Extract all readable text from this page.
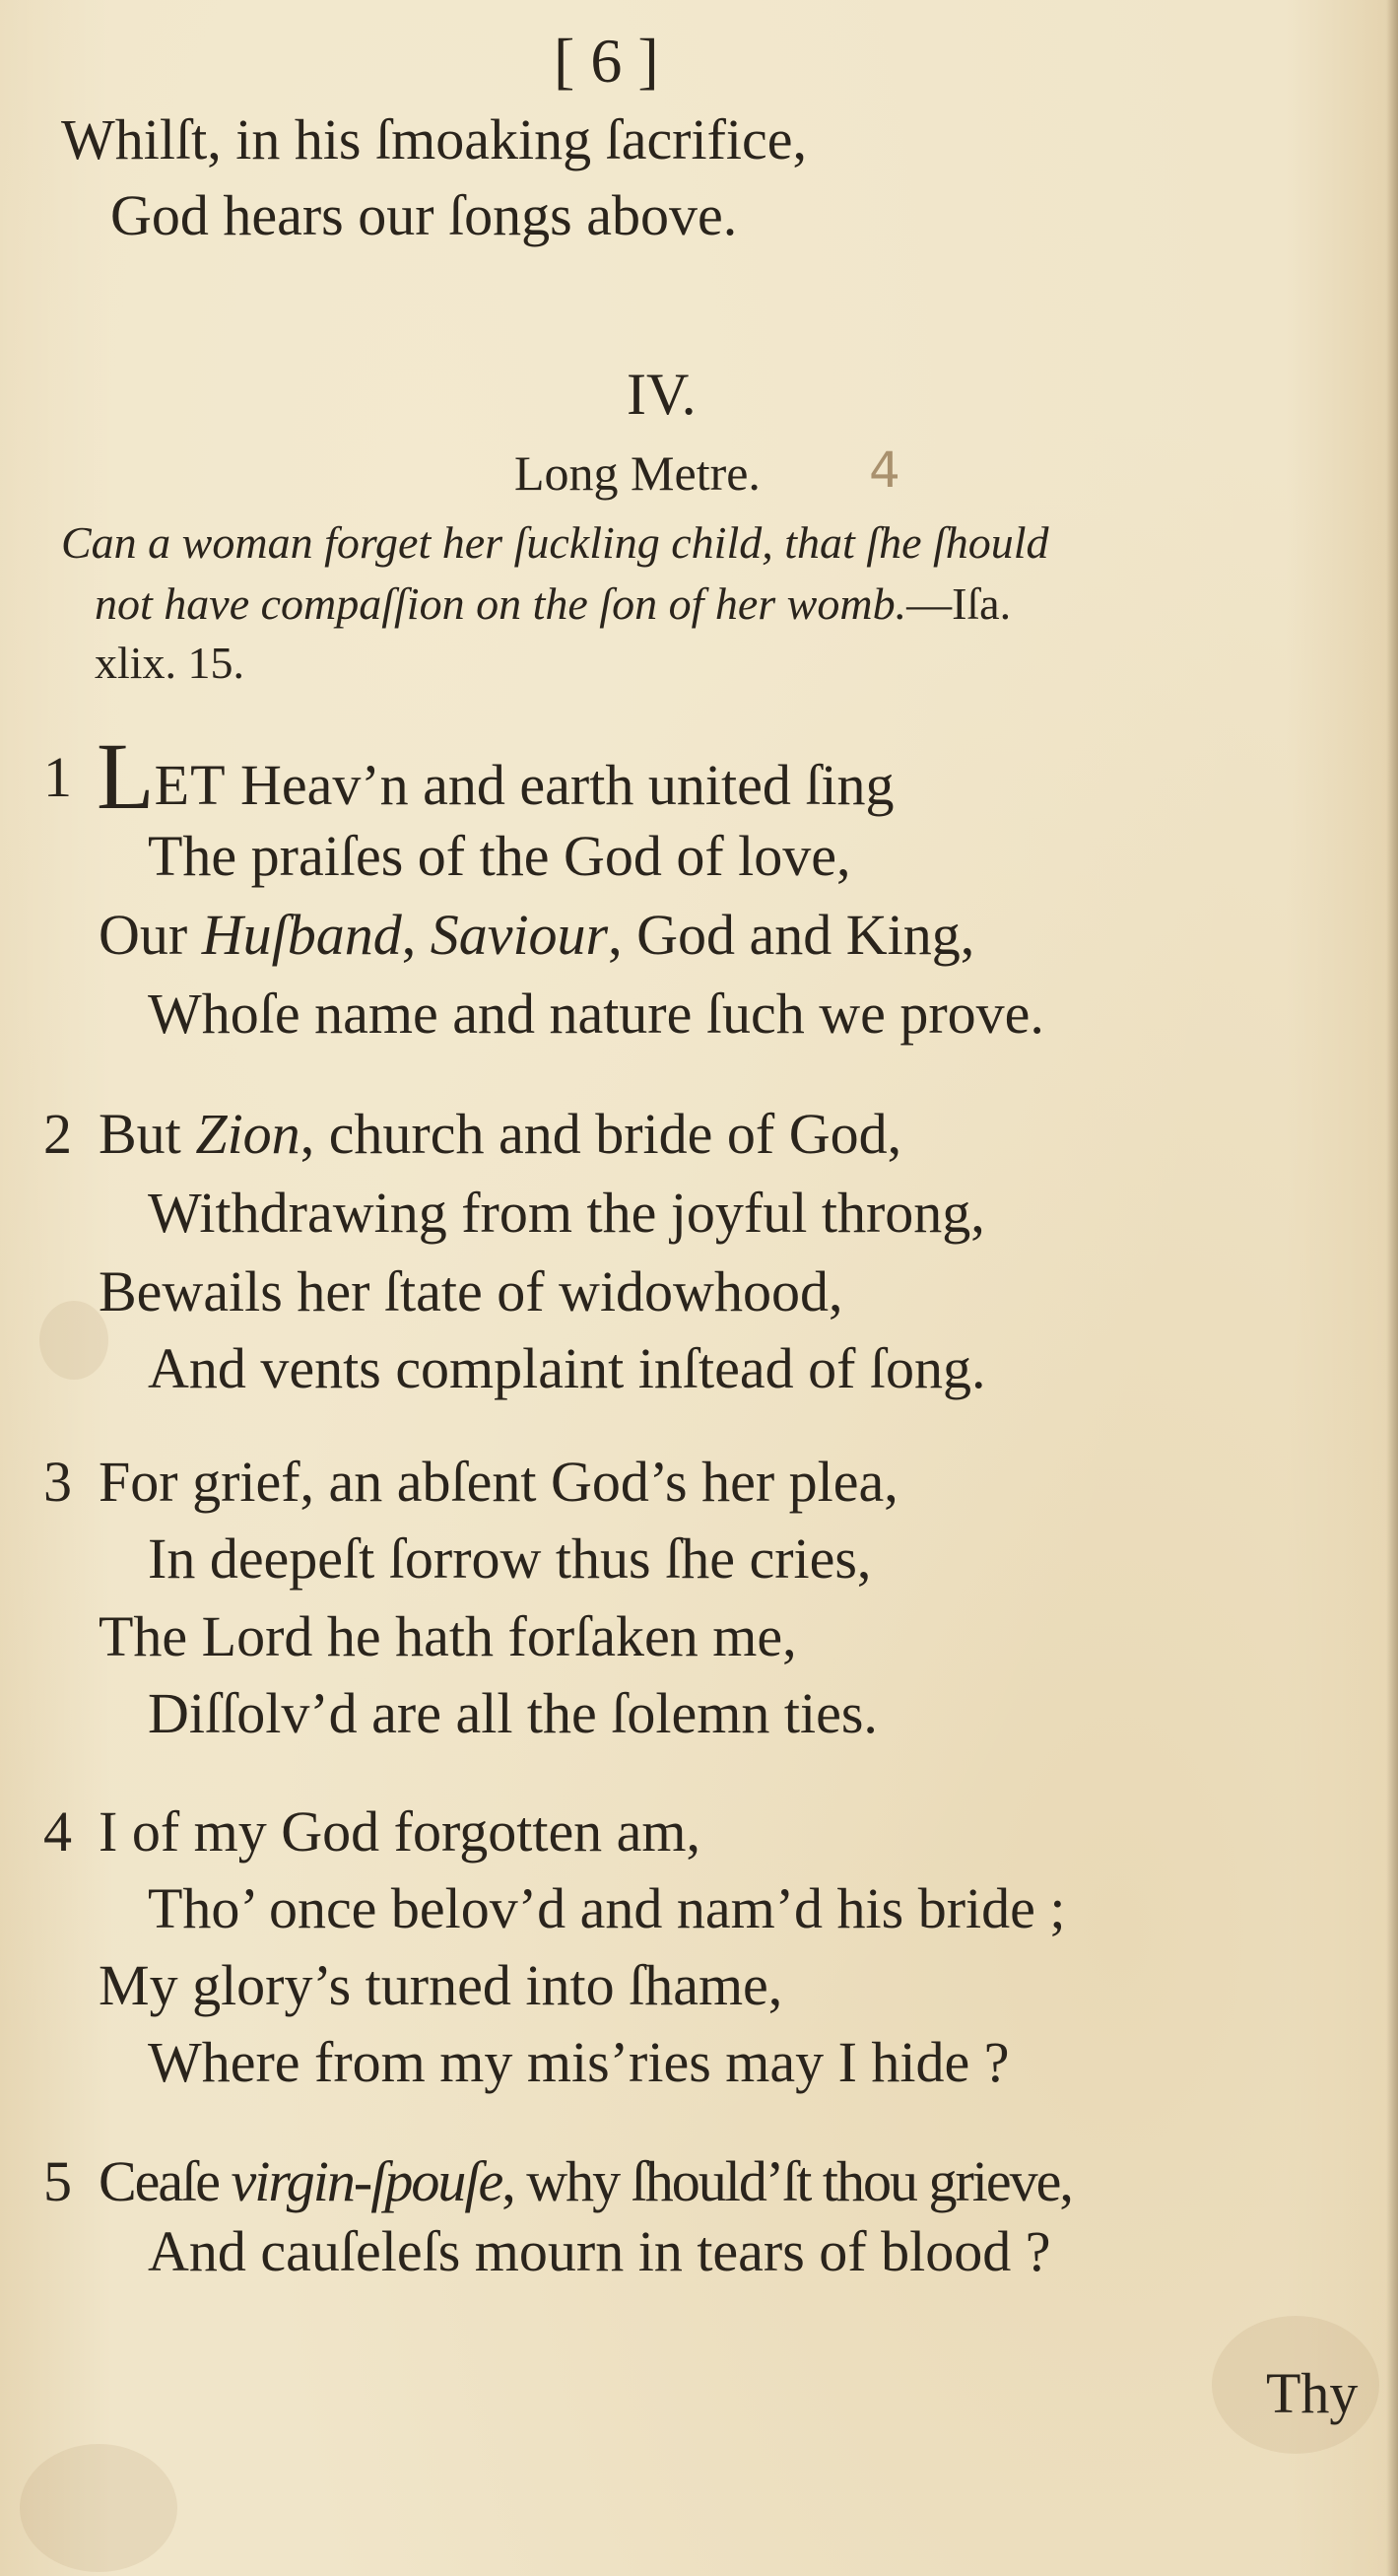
[ 6 ]
Whilſt, in his ſmoaking ſacrifice,
God hears our ſongs above.
IV.
Long Metre. 4
Can a woman forget her ſuckling child, that ſhe ſhould
not have compaſſion on the ſon of her womb.—Iſa.
xlix. 15.
1 LET Heav’n and earth united ſing
The praiſes of the God of love,
Our Huſband, Saviour, God and King,
Whoſe name and nature ſuch we prove.
2 But Zion, church and bride of God,
Withdrawing from the joyful throng,
Bewails her ſtate of widowhood,
And vents complaint inſtead of ſong.
3 For grief, an abſent God’s her plea,
In deepeſt ſorrow thus ſhe cries,
The Lord he hath forſaken me,
Diſſolv’d are all the ſolemn ties.
4 I of my God forgotten am,
Tho’ once belov’d and nam’d his bride ;
My glory’s turned into ſhame,
Where from my mis’ries may I hide ?
5 Ceaſe virgin-ſpouſe, why ſhould’ſt thou grieve,
And cauſeleſs mourn in tears of blood ?
Thy
